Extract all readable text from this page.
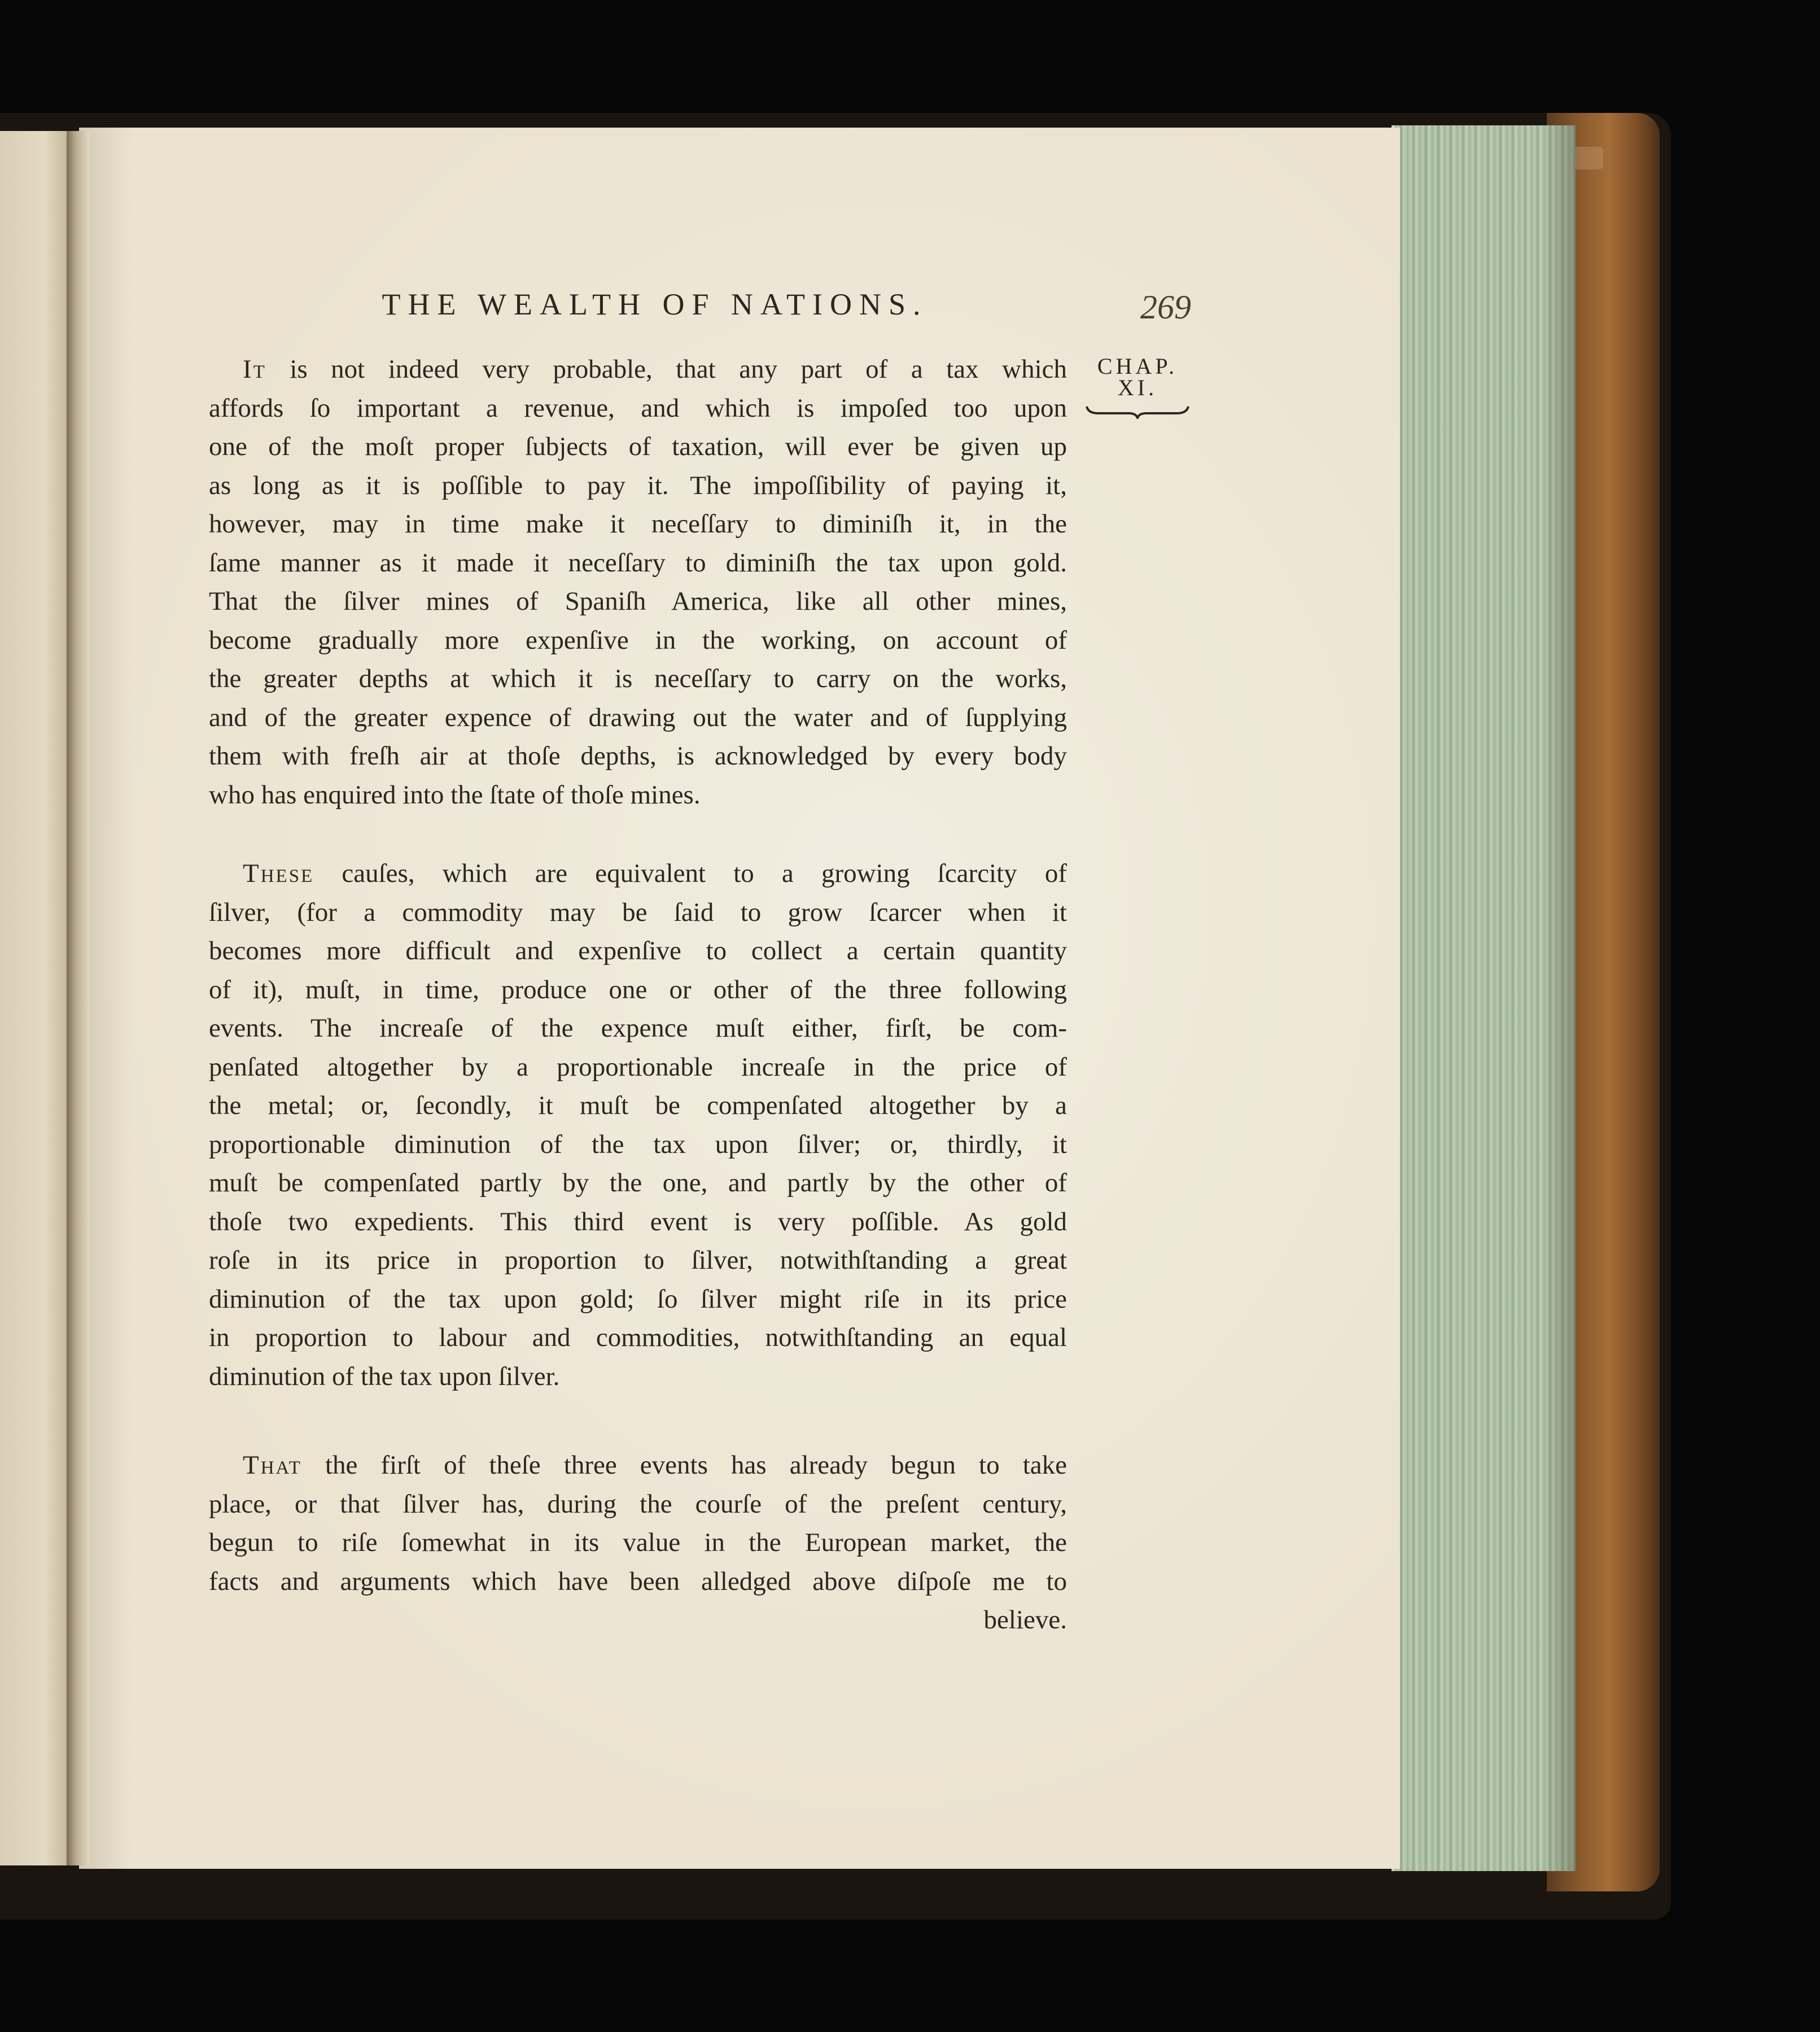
THE WEALTH OF NATIONS.	269
CHAP.
XI.
It is not indeed very probable, that any part of a tax which
affords ſo important a revenue, and which is impoſed too upon
one of the moſt proper ſubjects of taxation, will ever be given up
as long as it is poſſible to pay it. The impoſſibility of paying it,
however, may in time make it neceſſary to diminiſh it, in the
ſame manner as it made it neceſſary to diminiſh the tax upon gold.
That the ſilver mines of Spaniſh America, like all other mines,
become gradually more expenſive in the working, on account of
the greater depths at which it is neceſſary to carry on the works,
and of the greater expence of drawing out the water and of ſupplying
them with freſh air at thoſe depths, is acknowledged by every body
who has enquired into the ſtate of thoſe mines.
These cauſes, which are equivalent to a growing ſcarcity of
ſilver, (for a commodity may be ſaid to grow ſcarcer when it
becomes more difficult and expenſive to collect a certain quantity
of it), muſt, in time, produce one or other of the three following
events. The increaſe of the expence muſt either, firſt, be com-
penſated altogether by a proportionable increaſe in the price of
the metal; or, ſecondly, it muſt be compenſated altogether by a
proportionable diminution of the tax upon ſilver; or, thirdly, it
muſt be compenſated partly by the one, and partly by the other of
thoſe two expedients. This third event is very poſſible. As gold
roſe in its price in proportion to ſilver, notwithſtanding a great
diminution of the tax upon gold; ſo ſilver might riſe in its price
in proportion to labour and commodities, notwithſtanding an equal
diminution of the tax upon ſilver.
That the firſt of theſe three events has already begun to take
place, or that ſilver has, during the courſe of the preſent century,
begun to riſe ſomewhat in its value in the European market, the
facts and arguments which have been alledged above diſpoſe me to
believe.
